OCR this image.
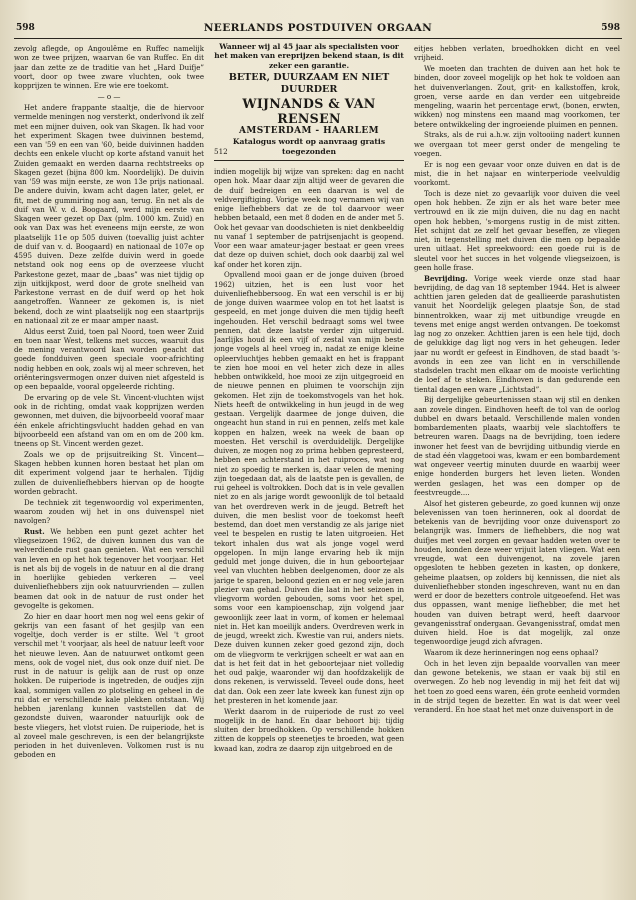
598	NEERLANDS POSTDUIVEN ORGAAN	598

zevolg aflegde, op Angoulême en Ruffec namelijk won ze twee prijzen, waarvan 6e van Ruffec. En dit jaar dan zette ze de traditie van het „Hard Duifje” voort, door op twee zware vluchten, ook twee kopprijzen te winnen. Ere wie ere toekomt.

— o —

Het andere frappante staaltje, die de hiervoor vermelde meningen nog versterkt, onderlvond ik zelf met een mijner duiven, ook van Skagen. Ik had voor het experiment Skagen twee duivinnen bestemd, een van '59 en een van '60, beide duivinnen hadden dechts een enkele vlucht op korte afstand vanuit het Zuiden gemaakt en werden daarna rechtstreeks op Skagen gezet (bijna 800 km. Noordelijk). De duivin van '59 was mijn eerste, ze won 13e prijs nationaal. De andere duivin, kwam acht dagen later, gelet, er fit, met de gummiring nog aan, terug. En net als de duif van W. v. d. Boogaard, werd mijn eerste van Skagen weer gezet op Dax (plm. 1000 km. Zuid) en ook van Dax was het eveneens mijn eerste, ze won plaatselijk 11e op 505 duiven (toevallig juist achter de duif van v. d. Boogaard) en nationaal de 107e op 4595 duiven. Deze zelfde duivin werd in goede netstand ook nog eens op de overzeese vlucht Parkestone gezet, maar de „baas” was niet tijdig op zijn uitkijkpost, werd door de grote snelheid van Parkestone verrast en de duif werd op het hok aangetroffen. Wanneer ze gekomen is, is niet bekend, doch ze wint plaatselijk nog een staartprijs en nationaal zit ze er maar amper naast.

Aldus eerst Zuid, toen pal Noord, toen weer Zuid en toen naar West, telkens met succes, waaruit dus de mening verantwoord kan worden geacht dat goede fondduiven geen speciale voor-africhting nodig hebben en ook, zoals wij al meer schreven, het oriënteringsvermogen onzer duiven niet afgesteld is op een bepaalde, vooral opgeleerde richting.

De ervaring op de vele St. Vincent-vluchten wijst ook in de richting, omdat vaak kopprijzen werden gewonnen, met duiven, die bijvoorbeeld vooraf maar één enkele africhtingsvlucht hadden gehad en van bijvoorbeeld een afstand van om en om de 200 km. tneens op St. Vincent werden gezet.

Zoals we op de prijsuitreiking St. Vincent—Skagen hebben kunnen horen bestaat het plan om dit experiment volgend jaar te herhalen. Tijdig zullen de duivenliefhebbers hiervan op de hoogte worden gebracht.

De techniek zit tegenwoordig vol experimenten, waarom zouden wij het in ons duivenspel niet navolgen?

Rust. We hebben een punt gezet achter het vliegseizoen 1962, de duiven kunnen dus van de welverdiende rust gaan genieten. Wat een verschil van leven en op het hok tegenover het voorjaar. Het is net als bij de vogels in de natuur en al die drang in hoerlijke gebieden verkeren — veel duivenliefhebbers zijn ook natuurvrienden — zullen beamen dat ook in de natuur de rust onder het gevogelte is gekomen.

Zo hier en daar hoort men nog wel eens gekir of gekrijs van een fasant of het gesjilp van een vogeltje, doch verder is er stilte. Wel 't groot verschil met 't voorjaar, als heel de natuur leeft voor het nieuwe leven. Aan de natuurwet ontkomt geen mens, ook de vogel niet, dus ook onze duif niet. De rust in de natuur is gelijk aan de rust op onze hokken. De ruiperiode is ingetreden, de oudjes zijn kaal, sommigen vallen zo plotseling en geheel in de rui dat er verschillende kale plekken ontstaan. Wij hebben jarenlang kunnen vaststellen dat de gezondste duiven, waaronder natuurlijk ook de beste vliegers, het vlotst ruien. De ruiperiode, het is al zoveel male geschreven, is een der belangrijkste perioden in het duivenleven. Volkomen rust is nu geboden en

Wanneer wij al 45 jaar als specialisten voor het maken van ereprijzen bekend staan, is dit zeker een garantie.
BETER, DUURZAAM EN NIET DUURDER
WIJNANDS & VAN RENSEN
AMSTERDAM - HAARLEM
Katalogus wordt op aanvraag gratis toegezonden
512

indien mogelijk bij wijze van spreken: dag en nacht open hok. Maar daar zijn altijd weer de gevaren die de duif bedreigen en een daarvan is wel de veldvergiftiging. Vorige week nog vernamen wij van enige liefhebbers dat ze de tol daarvoor weer hebben betaald, een met 8 doden en de ander met 5. Ook het gevaar van doodschieten is niet denkbeeldig nu vanaf 1 september de patrijsenjacht is geopend. Voor een waar amateur-jager bestaat er geen vrees dat deze op duiven schiet, doch ook daarbij zal wel kaf onder het koren zijn.

Opvallend mooi gaan er de jonge duiven (broed 1962) uitzien, het is een lust voor het duivenliefhebbersoog. En wat een verschil is er bij de jonge duiven waarmee volop en tot het laatst is gespeeld, en met jonge duiven die men tijdig heeft ingehouden. Het verschil bedraagt soms wel twee pennen, dat deze laatste verder zijn uitgeruid. Jaarlijks houd ik een vijf of zestal van mijn beste jonge vogels al heel vroeg in, nadat ze enige kleine opleervluchtjes hebben gemaakt en het is frappant te zien hoe mooi en vel heter zich deze in alles hebben ontwikkeld, hoe mooi ze zijn uitgegroeid en de nieuwe pennen en pluimen te voorschijn zijn gekomen. Het zijn de toekomstvogels van het hok. Niets heeft de ontwikkeling in hun jeugd in de weg gestaan. Vergelijk daarmee de jonge duiven, die ongeacht hun stand in rui en pennen, zelfs met kale koppen en halzen, week na week de baan op moesten. Het verschil is overduidelijk. Dergelijke duiven, ze mogen nog zo prima hebben gepresteerd, hebben een achterstand in het ruiproces, wat nog niet zo spoedig te merken is, daar velen de mening zijn toegedaan dat, als de laatste pen is gevallen, de rui geheel is voltrokken. Doch dat is in vele gevallen niet zo en als jarige wordt gewoonlijk de tol betaald van het overdreven werk in de jeugd. Betreft het duiven, die men beslist voor de toekomst heeft bestemd, dan doet men verstandig ze als jarige niet veel te bespelen en rustig te laten uitgroeien. Het tekort inhalen dus wat als jonge vogel werd opgelopen. In mijn lange ervaring heb ik mijn geduld met jonge duiven, die in hun geboortejaar veel van vluchten hebben deelgenomen, door ze als jarige te sparen, beloond gezien en er nog vele jaren plezier van gehad. Duiven die laat in het seizoen in vliegvorm worden gebouden, soms voor het spel, soms voor een kampioenschap, zijn volgend jaar gewoonlijk zeer laat in vorm, of komen er helemaal niet in. Het kan moeilijk anders. Overdreven werk in de jeugd, wreekt zich. Kwestie van rui, anders niets. Deze duiven kunnen zeker goed gezond zijn, doch om de vliegvorm te verkrijgen scheelt er wat aan en dat is het feit dat in het geboortejaar niet volledig het oud pakje, waaronder wij dan hoofdzakelijk de dons rekenen, is verwisseld. Teveel oude dons, heet dat dan. Ook een zeer late kweek kan funest zijn op het presteren in het komende jaar.

Werkt daarom in de ruiperiode de rust zo veel mogelijk in de hand. En daar behoort bij: tijdig sluiten der broedhokken. Op verschillende hokken zitten de koppels op steenetjes te broeden, wat geen kwaad kan, zodra ze daarop zijn uitgebroed en de

eitjes hebben verlaten, broedhokken dicht en veel vrijheid.

We moeten dan trachten de duiven aan het hok te binden, door zoveel mogelijk op het hok te voldoen aan het duivenverlangen. Zout, grit- en kalkstoffen, krok, groen, verse aarde en dan verder een uitgebreide mengeling, waarin het percentage erwt, (bonen, erwten, wikken) nog minstens een maand mag voorkomen, ter betere ontwikkeling der ingroeiende pluimen en pennen.

Straks, als de rui a.h.w. zijn voltooiing nadert kunnen we overgaan tot meer gerst onder de mengeling te voegen.

Er is nog een gevaar voor onze duiven en dat is de mist, die in het najaar en winterperiode veelvuldig voorkomt.

Toch is deze niet zo gevaarlijk voor duiven die veel open hok hebben. Ze zijn er als het ware beter mee vertrouwd en ik zie mijn duiven, die nu dag en nacht open hok hebben, 's-morgens rustig in de mist zitten. Het schijnt dat ze zelf het gevaar beseffen, ze vliegen niet, in tegenstelling met duiven die men op bepaalde uren uitlaat. Het spreekwoord: een goede rui is de sleutel voor het succes in het volgende vliegseizoen, is geen holle frase.

Bevrijding. Vorige week vierde onze stad haar bevrijding, de dag van 18 september 1944. Het is alweer achttien jaren geleden dat de geallieerde parashutisten vanuit het Noordelijk gelegen plaatsje Son, de stad binnentrokken, waar zij met uitbundige vreugde en tevens met enige angst werden ontvangen. De toekomst lag nog zo onzeker. Achttien jaren is een hele tijd, doch de gelukkige dag ligt nog vers in het geheugen. Ieder jaar nu wordt er gefeest in Eindhoven, de stad baadt 's-avonds in een zee van licht en in verschillende stadsdelen tracht men elkaar om de mooiste verlichting de loef af te steken. Eindhoven is dan gedurende een tiental dagen een ware „Lichtstad”.

Bij dergelijke gebeurtenissen staan wij stil en denken aan zovele dingen. Eindhoven heeft de tol van de oorlog dubbel en dwars betaald. Verschillende malen vonden bombardementen plaats, waarbij vele slachtoffers te betreuren waren. Daags na de bevrijding, toen iedere inwoner het feest van de bevrijding uitbundig vierde en de stad één vlaggetooi was, kwam er een bombardement wat ongeveer veertig minuten duurde en waarbij weer enige honderden burgers het leven lieten. Wonden werden geslagen, het was een domper op de feestvreugde....

Alsof het gisteren gebeurde, zo goed kunnen wij onze belevenissen van toen herinneren, ook al doordat de betekenis van de bevrijding voor onze duivensport zo belangrijk was. Immers de liefhebbers, die nog wat duifjes met veel zorgen en gevaar hadden weten over te houden, konden deze weer vrijuit laten vliegen. Wat een vreugde, wat een duivengenot, na zovele jaren opgesloten te hebben gezeten in kasten, op donkere, geheime plaatsen, op zolders bij kennissen, die niet als duivenliefhebber stonden ingeschreven, want nu en dan werd er door de bezetters controle uitgeoefend. Het was dus oppassen, want menige liefhebber, die met het houden van duiven betrapt werd, heeft daarvoor gevangenisstraf ondergaan. Gevangenisstraf, omdat men duiven hield. Hoe is dat mogelijk, zal onze tegenwoordige jeugd zich afvragen.

Waarom ik deze herinneringen nog eens ophaal?

Och in het leven zijn bepaalde voorvallen van meer dan gewone betekenis, we staan er vaak bij stil en overwegen. Zo heb nog levendig in mij het feit dat wij het toen zo goed eens waren, één grote eenheid vormden in de strijd tegen de bezetter. En wat is dat weer veel veranderd. En hoe staat het met onze duivensport in de
